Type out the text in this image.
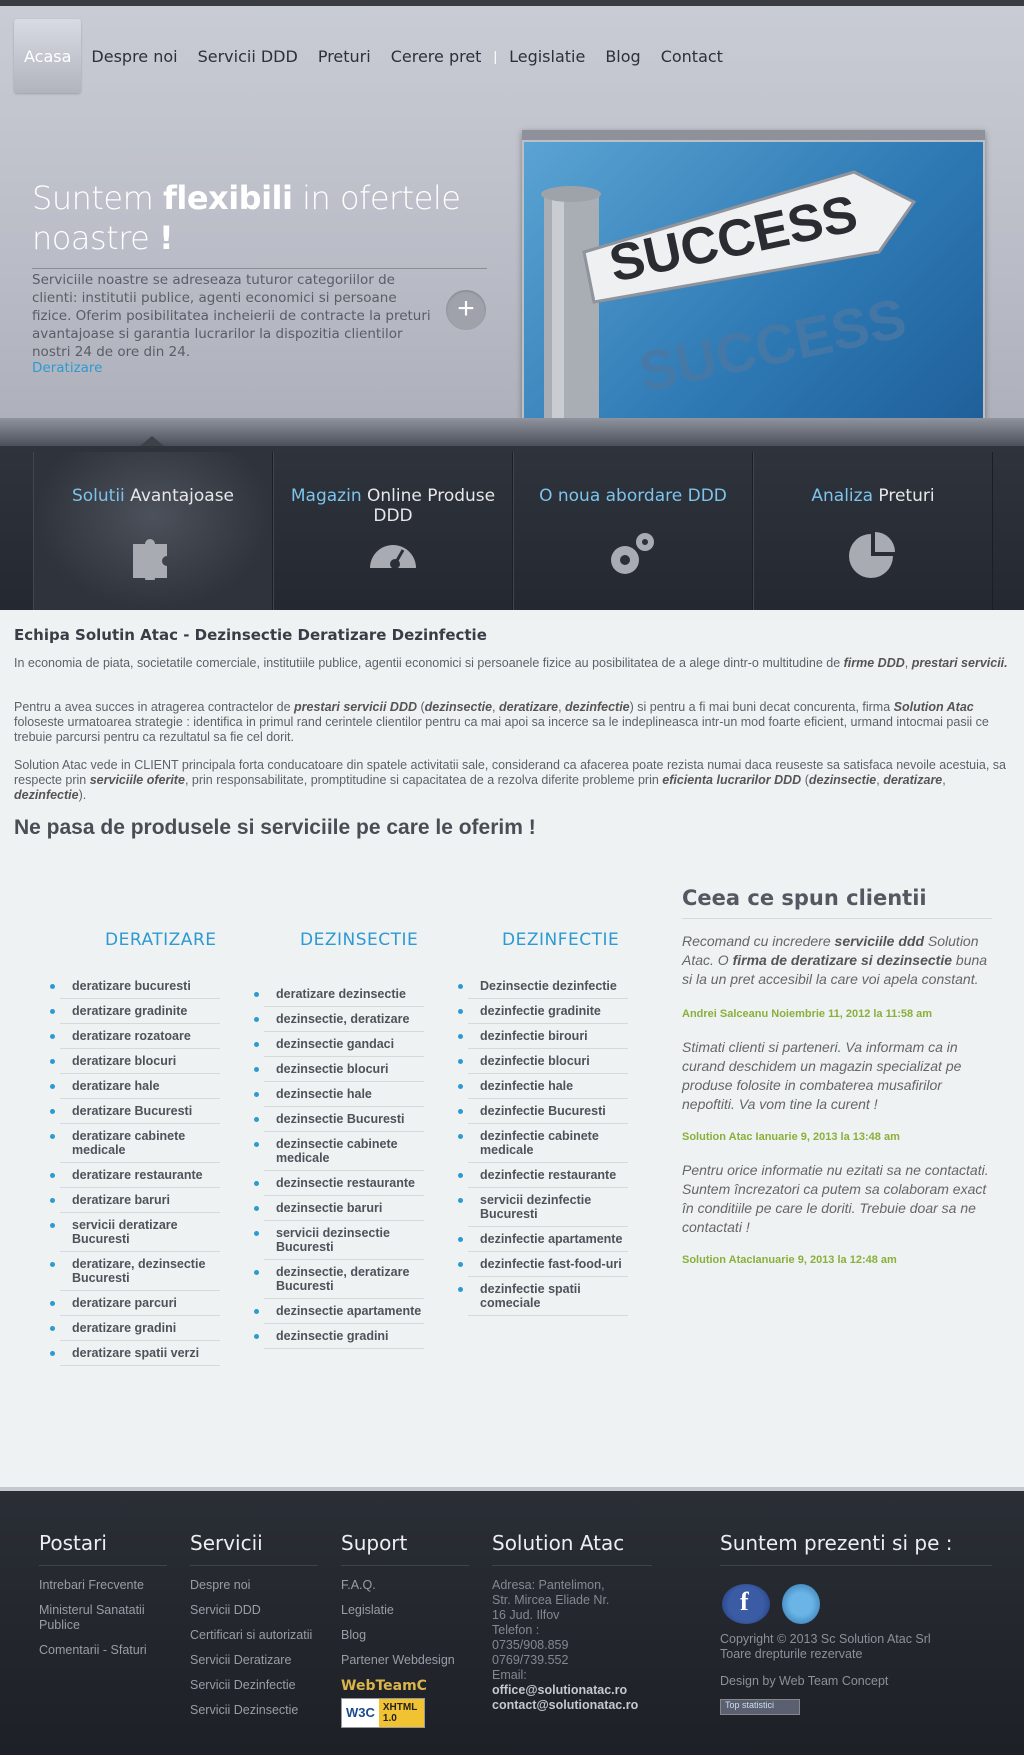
Acasa	Despre noi	Servicii DDD	Preturi	Cerere pret | Legislatie	Blog	Contact
Suntem flexibili in ofertele noastre !
Serviciile noastre se adreseaza tuturor categoriilor de clienti: institutii publice, agenti economici si persoane fizice. Oferim posibilitatea incheierii de contracte la preturi avantajoase si garantia lucrarilor la dispozitia clientilor nostri 24 de ore din 24.
Deratizare
+
SUCCESS
SUCCESS
Solutii Avantajoase	Magazin Online Produse DDD
O noua abordare DDD	Analiza Preturi
Echipa Solutin Atac - Dezinsectie Deratizare Dezinfectie

In economia de piata, societatile comerciale, institutiile publice, agentii economici si persoanele fizice au posibilitatea de a alege dintr-o multitudine de firme DDD, prestari servicii.

Pentru a avea succes in atragerea contractelor de prestari servicii DDD (dezinsectie, deratizare, dezinfectie) si pentru a fi mai buni decat concurenta, firma Solution Atac foloseste urmatoarea strategie : identifica in primul rand cerintele clientilor pentru ca mai apoi sa incerce sa le indeplineasca intr-un mod foarte eficient, urmand intocmai pasii ce trebuie parcursi pentru ca rezultatul sa fie cel dorit.

Solution Atac vede in CLIENT principala forta conducatoare din spatele activitatii sale, considerand ca afacerea poate rezista numai daca reuseste sa satisfaca nevoile acestuia, sa respecte prin serviciile oferite, prin responsabilitate, promptitudine si capacitatea de a rezolva diferite probleme prin eficienta lucrarilor DDD (dezinsectie, deratizare, dezinfectie).

Ne pasa de produsele si serviciile pe care le oferim !
DERATIZARE	DEZINSECTIE	DEZINFECTIE
deratizare bucuresti
deratizare gradinite
deratizare rozatoare
deratizare blocuri
deratizare hale
deratizare Bucuresti
deratizare cabinete medicale
deratizare restaurante
deratizare baruri
servicii deratizare Bucuresti
deratizare, dezinsectie Bucuresti
deratizare parcuri
deratizare gradini
deratizare spatii verzi
deratizare dezinsectie
dezinsectie, deratizare
dezinsectie gandaci
dezinsectie blocuri
dezinsectie hale
dezinsectie Bucuresti
dezinsectie cabinete medicale
dezinsectie restaurante
dezinsectie baruri
servicii dezinsectie Bucuresti
dezinsectie, deratizare Bucuresti
dezinsectie apartamente
dezinsectie gradini
Dezinsectie dezinfectie
dezinfectie gradinite
dezinfectie birouri
dezinfectie blocuri
dezinfectie hale
dezinfectie Bucuresti
dezinfectie cabinete medicale
dezinfectie restaurante
servicii dezinfectie Bucuresti
dezinfectie apartamente
dezinfectie fast-food-uri
dezinfectie spatii comeciale
Ceea ce spun clientii

Recomand cu incredere serviciile ddd Solution Atac. O firma de deratizare si dezinsectie buna si la un pret accesibil la care voi apela constant.

Andrei Salceanu Noiembrie 11, 2012 la 11:58 am

Stimati clienti si parteneri. Va informam ca in curand deschidem un magazin specializat pe produse folosite in combaterea musafirilor nepoftiti. Va vom tine la curent !

Solution Atac Ianuarie 9, 2013 la 13:48 am

Pentru orice informatie nu ezitati sa ne contactati. Suntem încrezatori ca putem sa colaboram exact în conditiile pe care le doriti. Trebuie doar sa ne contactati !

Solution AtacIanuarie 9, 2013 la 12:48 am
Postari
Intrebari Frecvente
Ministerul Sanatatii Publice
Comentarii - Sfaturi
Servicii
Despre noi
Servicii DDD
Certificari si autorizatii
Servicii Deratizare
Servicii Dezinfectie
Servicii Dezinsectie
Suport
F.A.Q.
Legislatie
Blog
Partener Webdesign
WebTeamC
W3C XHTML 1.0
Solution Atac
Adresa: Pantelimon,
Str. Mircea Eliade Nr.
16 Jud. Ilfov
Telefon :
0735/908.859
0769/739.552
Email:
office@solutionatac.ro
contact@solutionatac.ro
Suntem prezenti si pe :
f
Copyright © 2013 Sc Solution Atac Srl
Toare drepturile rezervate
Design by Web Team Concept
Top statistici
